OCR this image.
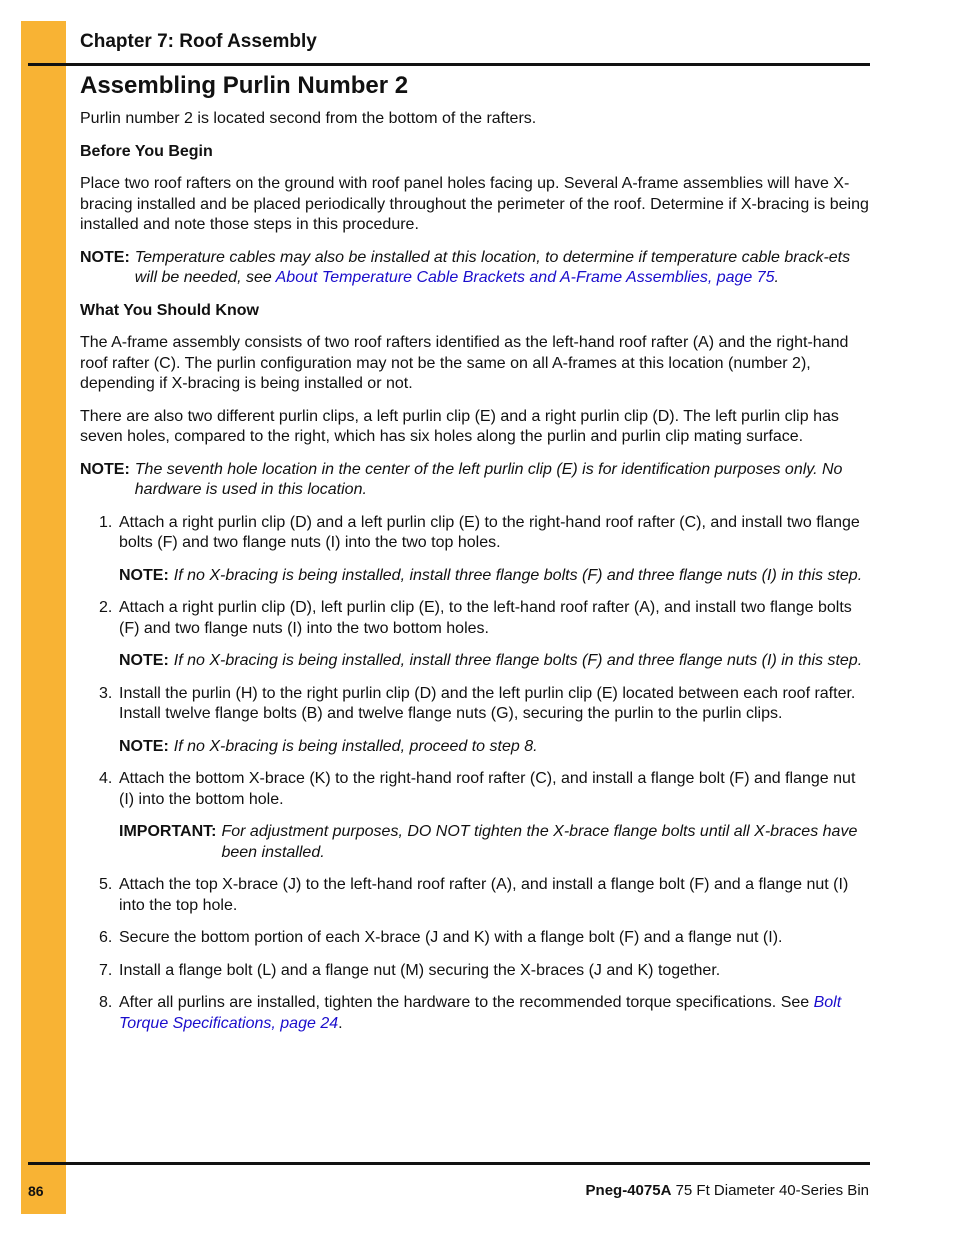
Chapter 7: Roof Assembly
Assembling Purlin Number 2

Purlin number 2 is located second from the bottom of the rafters.

Before You Begin

Place two roof rafters on the ground with roof panel holes facing up. Several A-frame assemblies will have X-bracing installed and be placed periodically throughout the perimeter of the roof. Determine if X-bracing is being installed and note those steps in this procedure.

NOTE: Temperature cables may also be installed at this location, to determine if temperature cable brack-ets will be needed, see About Temperature Cable Brackets and A-Frame Assemblies, page 75.
What You Should Know

The A-frame assembly consists of two roof rafters identified as the left-hand roof rafter (A) and the right-hand roof rafter (C). The purlin configuration may not be the same on all A-frames at this location (number 2), depending if X-bracing is being installed or not.

There are also two different purlin clips, a left purlin clip (E) and a right purlin clip (D). The left purlin clip has seven holes, compared to the right, which has six holes along the purlin and purlin clip mating surface.

NOTE: The seventh hole location in the center of the left purlin clip (E) is for identification purposes only. No hardware is used in this location.
1. Attach a right purlin clip (D) and a left purlin clip (E) to the right-hand roof rafter (C), and install two flange bolts (F) and two flange nuts (I) into the two top holes.
NOTE: If no X-bracing is being installed, install three flange bolts (F) and three flange nuts (I) in this step.
2. Attach a right purlin clip (D), left purlin clip (E), to the left-hand roof rafter (A), and install two flange bolts (F) and two flange nuts (I) into the two bottom holes.
NOTE: If no X-bracing is being installed, install three flange bolts (F) and three flange nuts (I) in this step.
3. Install the purlin (H) to the right purlin clip (D) and the left purlin clip (E) located between each roof rafter. Install twelve flange bolts (B) and twelve flange nuts (G), securing the purlin to the purlin clips.
NOTE: If no X-bracing is being installed, proceed to step 8.
4. Attach the bottom X-brace (K) to the right-hand roof rafter (C), and install a flange bolt (F) and flange nut (I) into the bottom hole.
IMPORTANT: For adjustment purposes, DO NOT tighten the X-brace flange bolts until all X-braces have been installed.
5. Attach the top X-brace (J) to the left-hand roof rafter (A), and install a flange bolt (F) and a flange nut (I) into the top hole.
6. Secure the bottom portion of each X-brace (J and K) with a flange bolt (F) and a flange nut (I).
7. Install a flange bolt (L) and a flange nut (M) securing the X-braces (J and K) together.
8. After all purlins are installed, tighten the hardware to the recommended torque specifications. See Bolt Torque Specifications, page 24.
86	Pneg-4075A 75 Ft Diameter 40-Series Bin
